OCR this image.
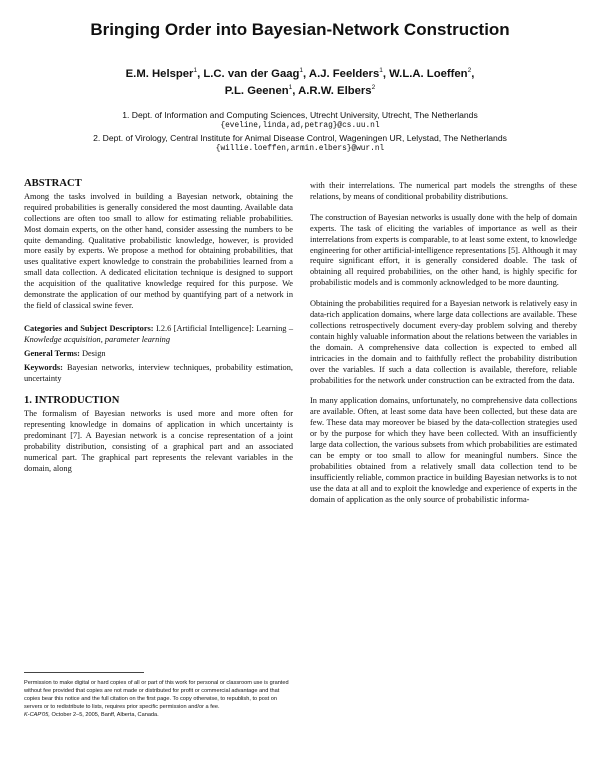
Bringing Order into Bayesian-Network Construction
E.M. Helsper$^1$, L.C. van der Gaag$^1$, A.J. Feelders$^1$, W.L.A. Loeffen$^2$,
P.L. Geenen$^1$, A.R.W. Elbers$^2$
1. Dept. of Information and Computing Sciences, Utrecht University, Utrecht, The Netherlands
{eveline,linda,ad,petrag}@cs.uu.nl
2. Dept. of Virology, Central Institute for Animal Disease Control, Wageningen UR, Lelystad, The Netherlands
{willie.loeffen,armin.elbers}@wur.nl
ABSTRACT

Among the tasks involved in building a Bayesian network, obtaining the required probabilities is generally considered the most daunting. Available data collections are often too small to allow for estimating reliable probabilities. Most domain experts, on the other hand, consider assessing the numbers to be quite demanding. Qualitative probabilistic knowledge, however, is provided more easily by experts. We propose a method for obtaining probabilities, that uses qualitative expert knowledge to constrain the probabilities learned from a small data collection. A dedicated elicitation technique is designed to support the acquisition of the qualitative knowledge required for this purpose. We demonstrate the application of our method by quantifying part of a network in the field of classical swine fever.

Categories and Subject Descriptors: I.2.6 [Artificial Intelligence]: Learning – Knowledge acquisition, parameter learning

General Terms: Design

Keywords: Bayesian networks, interview techniques, probability estimation, uncertainty

1. INTRODUCTION

The formalism of Bayesian networks is used more and more often for representing knowledge in domains of application in which uncertainty is predominant [7]. A Bayesian network is a concise representation of a joint probability distribution, consisting of a graphical part and an associated numerical part. The graphical part represents the relevant variables in the domain, along

Permission to make digital or hard copies of all or part of this work for personal or classroom use is granted without fee provided that copies are not made or distributed for profit or commercial advantage and that copies bear this notice and the full citation on the first page. To copy otherwise, to republish, to post on servers or to redistribute to lists, requires prior specific permission and/or a fee.
K-CAP'05, October 2–5, 2005, Banff, Alberta, Canada.

with their interrelations. The numerical part models the strengths of these relations, by means of conditional probability distributions.

The construction of Bayesian networks is usually done with the help of domain experts. The task of eliciting the variables of importance as well as their interrelations from experts is comparable, to at least some extent, to knowledge engineering for other artificial-intelligence representations [5]. Although it may require significant effort, it is generally considered doable. The task of obtaining all required probabilities, on the other hand, is highly specific for probabilistic models and is commonly acknowledged to be more daunting.

Obtaining the probabilities required for a Bayesian network is relatively easy in data-rich application domains, where large data collections are available. These collections retrospectively document every-day problem solving and thereby contain highly valuable information about the relations between the variables in the domain. A comprehensive data collection is expected to embed all intricacies in the domain and to faithfully reflect the probability distribution over the variables. If such a data collection is available, therefore, reliable probabilities for the network under construction can be extracted from the data.

In many application domains, unfortunately, no comprehensive data collections are available. Often, at least some data have been collected, but these data are few. These data may moreover be biased by the data-collection strategies used or by the purpose for which they have been collected. With an insufficiently large data collection, the various subsets from which probabilities are estimated can be empty or too small to allow for meaningful numbers. Since the probabilities obtained from a relatively small data collection tend to be insufficiently reliable, common practice in building Bayesian networks is to not use the data at all and to exploit the knowledge and experience of experts in the domain of application as the only source of probabilistic informa-
